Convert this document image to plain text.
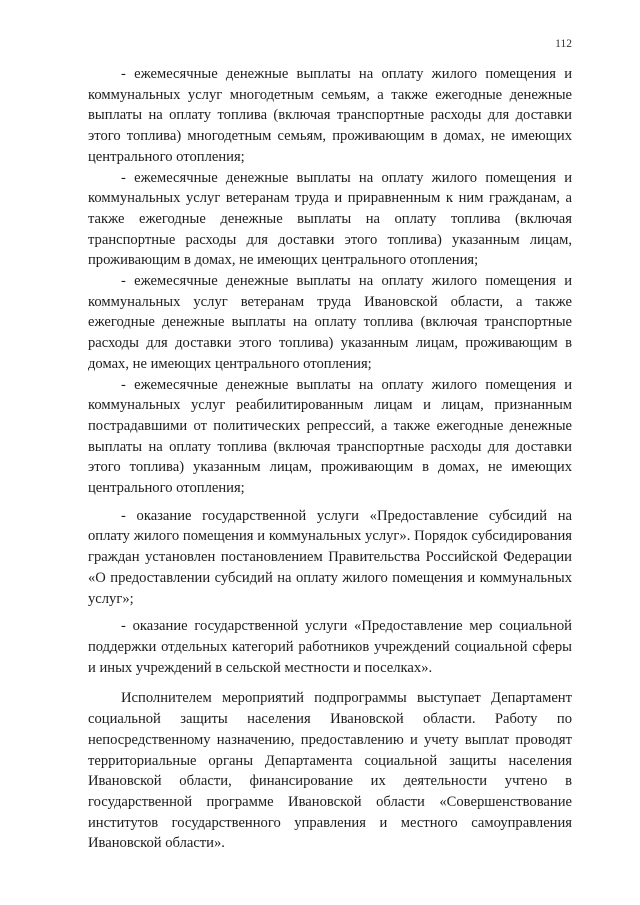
112

- ежемесячные денежные выплаты на оплату жилого помещения и коммунальных услуг многодетным семьям, а также ежегодные денежные выплаты на оплату топлива (включая транспортные расходы для доставки этого топлива) многодетным семьям, проживающим в домах, не имеющих центрального отопления;

- ежемесячные денежные выплаты на оплату жилого помещения и коммунальных услуг ветеранам труда и приравненным к ним гражданам, а также ежегодные денежные выплаты на оплату топлива (включая транспортные расходы для доставки этого топлива) указанным лицам, проживающим в домах, не имеющих центрального отопления;

- ежемесячные денежные выплаты на оплату жилого помещения и коммунальных услуг ветеранам труда Ивановской области, а также ежегодные денежные выплаты на оплату топлива (включая транспортные расходы для доставки этого топлива) указанным лицам, проживающим в домах, не имеющих центрального отопления;

- ежемесячные денежные выплаты на оплату жилого помещения и коммунальных услуг реабилитированным лицам и лицам, признанным пострадавшими от политических репрессий, а также ежегодные денежные выплаты на оплату топлива (включая транспортные расходы для доставки этого топлива) указанным лицам, проживающим в домах, не имеющих центрального отопления;

- оказание государственной услуги «Предоставление субсидий на оплату жилого помещения и коммунальных услуг». Порядок субсидирования граждан установлен постановлением Правительства Российской Федерации «О предоставлении субсидий на оплату жилого помещения и коммунальных услуг»;

- оказание государственной услуги «Предоставление мер социальной поддержки отдельных категорий работников учреждений социальной сферы и иных учреждений в сельской местности и поселках».

Исполнителем мероприятий подпрограммы выступает Департамент социальной защиты населения Ивановской области. Работу по непосредственному назначению, предоставлению и учету выплат проводят территориальные органы Департамента социальной защиты населения Ивановской области, финансирование их деятельности учтено в государственной программе Ивановской области «Совершенствование институтов государственного управления и местного самоуправления Ивановской области».
